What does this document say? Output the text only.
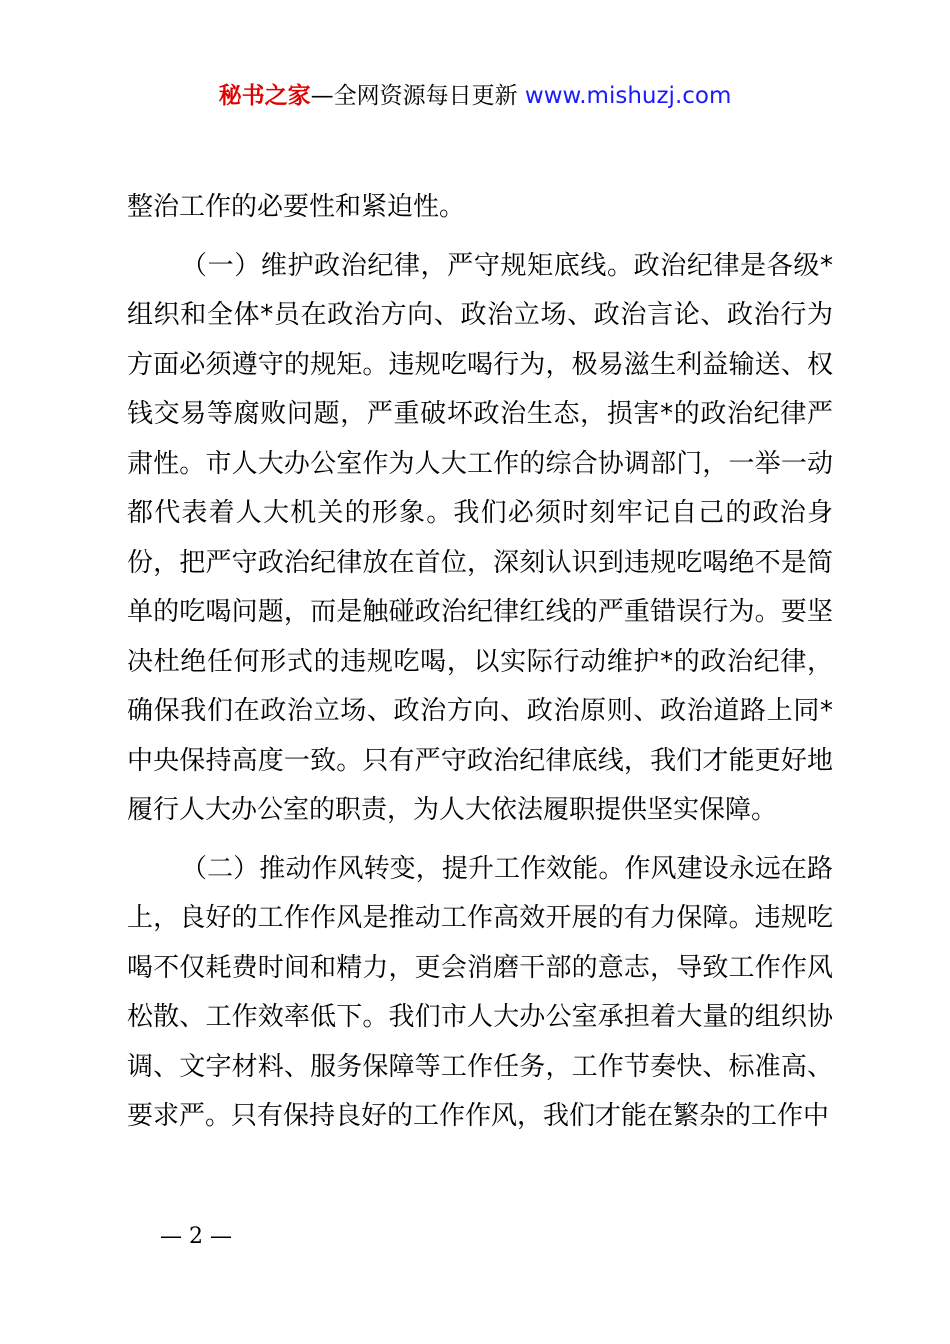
秘书之家—全网资源每日更新 www.mishuzj.com

整治工作的必要性和紧迫性。

（一）维护政治纪律，严守规矩底线。政治纪律是各级*组织和全体*员在政治方向、政治立场、政治言论、政治行为方面必须遵守的规矩。违规吃喝行为，极易滋生利益输送、权钱交易等腐败问题，严重破坏政治生态，损害*的政治纪律严肃性。市人大办公室作为人大工作的综合协调部门，一举一动都代表着人大机关的形象。我们必须时刻牢记自己的政治身份，把严守政治纪律放在首位，深刻认识到违规吃喝绝不是简单的吃喝问题，而是触碰政治纪律红线的严重错误行为。要坚决杜绝任何形式的违规吃喝，以实际行动维护*的政治纪律，确保我们在政治立场、政治方向、政治原则、政治道路上同*中央保持高度一致。只有严守政治纪律底线，我们才能更好地履行人大办公室的职责，为人大依法履职提供坚实保障。

（二）推动作风转变，提升工作效能。作风建设永远在路上，良好的工作作风是推动工作高效开展的有力保障。违规吃喝不仅耗费时间和精力，更会消磨干部的意志，导致工作作风松散、工作效率低下。我们市人大办公室承担着大量的组织协调、文字材料、服务保障等工作任务，工作节奏快、标准高、要求严。只有保持良好的工作作风，我们才能在繁杂的工作中

— 2 —
